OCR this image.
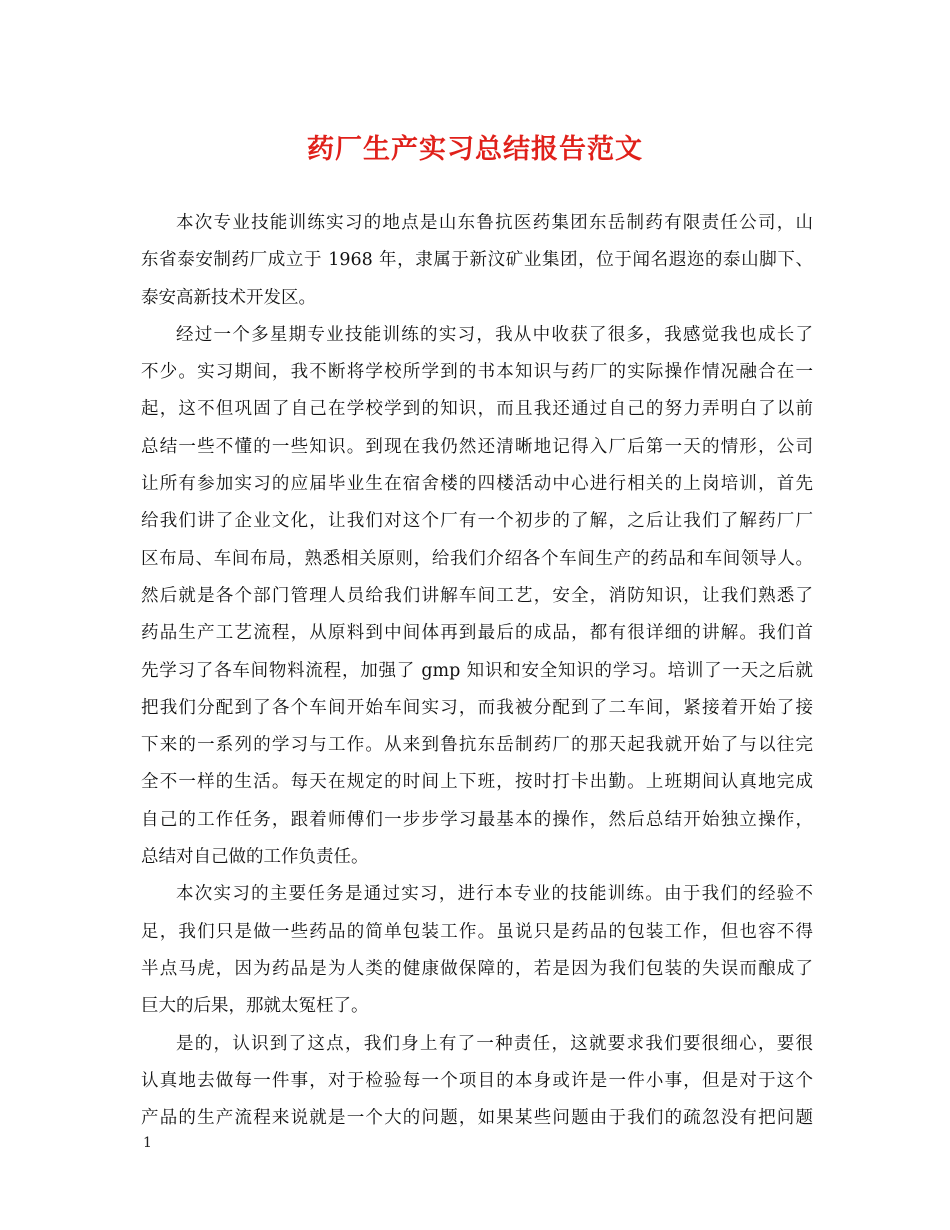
药厂生产实习总结报告范文
本次专业技能训练实习的地点是山东鲁抗医药集团东岳制药有限责任公司，山
东省泰安制药厂成立于 1968 年，隶属于新汶矿业集团，位于闻名遐迩的泰山脚下、
泰安高新技术开发区。
经过一个多星期专业技能训练的实习，我从中收获了很多，我感觉我也成长了
不少。实习期间，我不断将学校所学到的书本知识与药厂的实际操作情况融合在一
起，这不但巩固了自己在学校学到的知识，而且我还通过自己的努力弄明白了以前
总结一些不懂的一些知识。到现在我仍然还清晰地记得入厂后第一天的情形，公司
让所有参加实习的应届毕业生在宿舍楼的四楼活动中心进行相关的上岗培训，首先
给我们讲了企业文化，让我们对这个厂有一个初步的了解，之后让我们了解药厂厂
区布局、车间布局，熟悉相关原则，给我们介绍各个车间生产的药品和车间领导人。
然后就是各个部门管理人员给我们讲解车间工艺，安全，消防知识，让我们熟悉了
药品生产工艺流程，从原料到中间体再到最后的成品，都有很详细的讲解。我们首
先学习了各车间物料流程，加强了 gmp 知识和安全知识的学习。培训了一天之后就
把我们分配到了各个车间开始车间实习，而我被分配到了二车间，紧接着开始了接
下来的一系列的学习与工作。从来到鲁抗东岳制药厂的那天起我就开始了与以往完
全不一样的生活。每天在规定的时间上下班，按时打卡出勤。上班期间认真地完成
自己的工作任务，跟着师傅们一步步学习最基本的操作，然后总结开始独立操作，
总结对自己做的工作负责任。
本次实习的主要任务是通过实习，进行本专业的技能训练。由于我们的经验不
足，我们只是做一些药品的简单包装工作。虽说只是药品的包装工作，但也容不得
半点马虎，因为药品是为人类的健康做保障的，若是因为我们包装的失误而酿成了
巨大的后果，那就太冤枉了。
是的，认识到了这点，我们身上有了一种责任，这就要求我们要很细心，要很
认真地去做每一件事，对于检验每一个项目的本身或许是一件小事，但是对于这个
产品的生产流程来说就是一个大的问题，如果某些问题由于我们的疏忽没有把问题
1
